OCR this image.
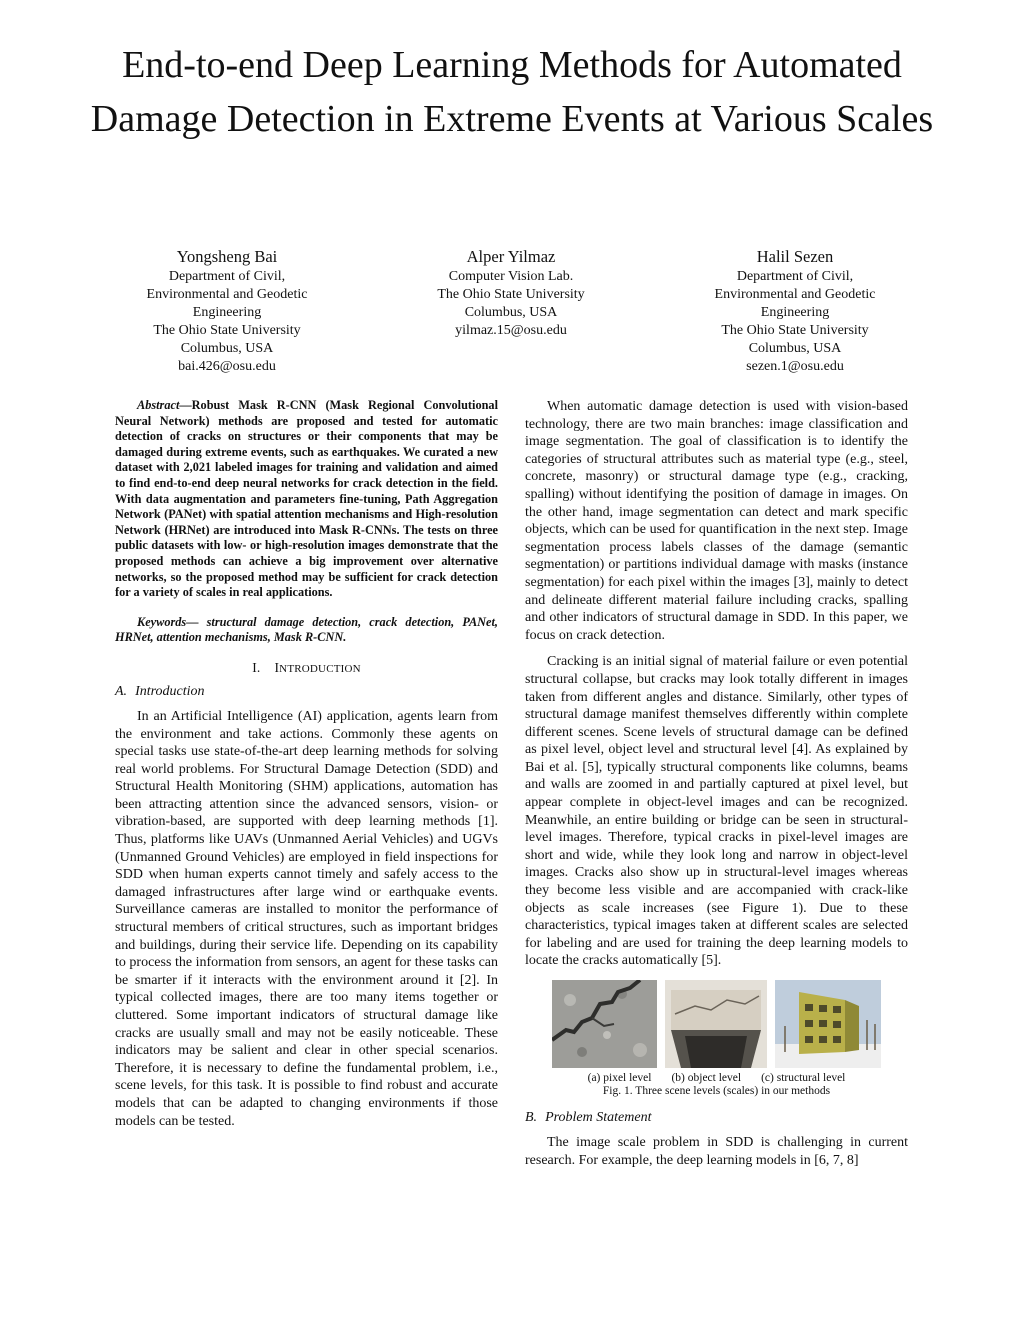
End-to-end Deep Learning Methods for Automated Damage Detection in Extreme Events at Various Scales
Yongsheng Bai
Department of Civil,
Environmental and Geodetic
Engineering
The Ohio State University
Columbus, USA
bai.426@osu.edu
Alper Yilmaz
Computer Vision Lab.
The Ohio State University
Columbus, USA
yilmaz.15@osu.edu
Halil Sezen
Department of Civil,
Environmental and Geodetic
Engineering
The Ohio State University
Columbus, USA
sezen.1@osu.edu

Abstract—Robust Mask R-CNN (Mask Regional Convolutional Neural Network) methods are proposed and tested for automatic detection of cracks on structures or their components that may be damaged during extreme events, such as earthquakes. We curated a new dataset with 2,021 labeled images for training and validation and aimed to find end-to-end deep neural networks for crack detection in the field. With data augmentation and parameters fine-tuning, Path Aggregation Network (PANet) with spatial attention mechanisms and High-resolution Network (HRNet) are introduced into Mask R-CNNs. The tests on three public datasets with low- or high-resolution images demonstrate that the proposed methods can achieve a big improvement over alternative networks, so the proposed method may be sufficient for crack detection for a variety of scales in real applications.

Keywords— structural damage detection, crack detection, PANet, HRNet, attention mechanisms, Mask R-CNN.

I. INTRODUCTION
A. Introduction

In an Artificial Intelligence (AI) application, agents learn from the environment and take actions. Commonly these agents on special tasks use state-of-the-art deep learning methods for solving real world problems. For Structural Damage Detection (SDD) and Structural Health Monitoring (SHM) applications, automation has been attracting attention since the advanced sensors, vision- or vibration-based, are supported with deep learning methods [1]. Thus, platforms like UAVs (Unmanned Aerial Vehicles) and UGVs (Unmanned Ground Vehicles) are employed in field inspections for SDD when human experts cannot timely and safely access to the damaged infrastructures after large wind or earthquake events. Surveillance cameras are installed to monitor the performance of structural members of critical structures, such as important bridges and buildings, during their service life. Depending on its capability to process the information from sensors, an agent for these tasks can be smarter if it interacts with the environment around it [2]. In typical collected images, there are too many items together or cluttered. Some important indicators of structural damage like cracks are usually small and may not be easily noticeable. These indicators may be salient and clear in other special scenarios. Therefore, it is necessary to define the fundamental problem, i.e., scene levels, for this task. It is possible to find robust and accurate models that can be adapted to changing environments if those models can be tested.

When automatic damage detection is used with vision-based technology, there are two main branches: image classification and image segmentation. The goal of classification is to identify the categories of structural attributes such as material type (e.g., steel, concrete, masonry) or structural damage type (e.g., cracking, spalling) without identifying the position of damage in images. On the other hand, image segmentation can detect and mark specific objects, which can be used for quantification in the next step. Image segmentation process labels classes of the damage (semantic segmentation) or partitions individual damage with masks (instance segmentation) for each pixel within the images [3], mainly to detect and delineate different material failure including cracks, spalling and other indicators of structural damage in SDD. In this paper, we focus on crack detection.

Cracking is an initial signal of material failure or even potential structural collapse, but cracks may look totally different in images taken from different angles and distance. Similarly, other types of structural damage manifest themselves differently within complete different scenes. Scene levels of structural damage can be defined as pixel level, object level and structural level [4]. As explained by Bai et al. [5], typically structural components like columns, beams and walls are zoomed in and partially captured at pixel level, but appear complete in object-level images and can be recognized. Meanwhile, an entire building or bridge can be seen in structural-level images. Therefore, typical cracks in pixel-level images are short and wide, while they look long and narrow in object-level images. Cracks also show up in structural-level images whereas they become less visible and are accompanied with crack-like objects as scale increases (see Figure 1). Due to these characteristics, typical images taken at different scales are selected for labeling and are used for training the deep learning models to locate the cracks automatically [5].

(a) pixel level (b) object level (c) structural level
Fig. 1. Three scene levels (scales) in our methods
B. Problem Statement

The image scale problem in SDD is challenging in current research. For example, the deep learning models in [6, 7, 8]
